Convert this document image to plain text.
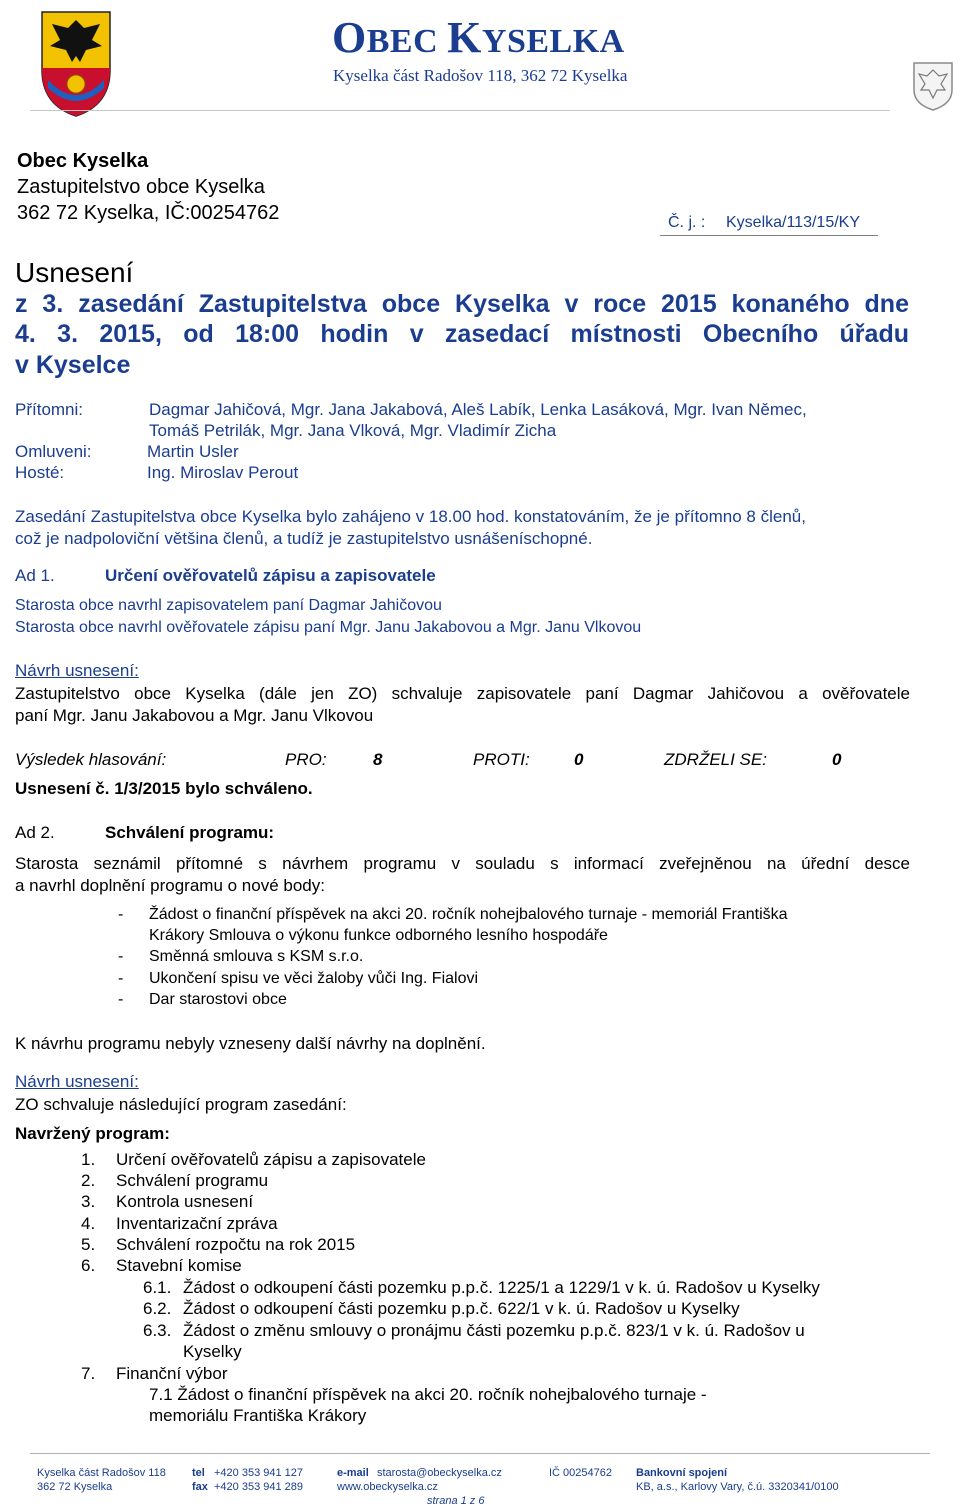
OBEC KYSELKA
Kyselka část Radošov 118, 362 72 Kyselka
Obec Kyselka
Zastupitelstvo obce Kyselka
362 72 Kyselka, IČ:00254762	Č. j. : Kyselka/113/15/KY
Usnesení
z 3. zasedání Zastupitelstva obce Kyselka v roce 2015 konaného dne
4. 3. 2015, od 18:00 hodin v zasedací místnosti Obecního úřadu
v Kyselce
Přítomni:	Dagmar Jahičová, Mgr. Jana Jakabová, Aleš Labík, Lenka Lasáková, Mgr. Ivan Němec,
Tomáš Petrilák, Mgr. Jana Vlková, Mgr. Vladimír Zicha
Omluveni:	Martin Usler
Hosté:	Ing. Miroslav Perout
Zasedání Zastupitelstva obce Kyselka bylo zahájeno v 18.00 hod. konstatováním, že je přítomno 8 členů,
což je nadpoloviční většina členů, a tudíž je zastupitelstvo usnášeníschopné.
Ad 1.	Určení ověřovatelů zápisu a zapisovatele
Starosta obce navrhl zapisovatelem paní Dagmar Jahičovou
Starosta obce navrhl ověřovatele zápisu paní Mgr. Janu Jakabovou a Mgr. Janu Vlkovou
Návrh usnesení:
Zastupitelstvo obce Kyselka (dále jen ZO) schvaluje zapisovatele paní Dagmar Jahičovou a ověřovatele
paní Mgr. Janu Jakabovou a Mgr. Janu Vlkovou
Výsledek hlasování:	PRO:	8	PROTI:	0	ZDRŽELI SE:	0
Usnesení č. 1/3/2015 bylo schváleno.
Ad 2.	Schválení programu:
Starosta seznámil přítomné s návrhem programu v souladu s informací zveřejněnou na úřední desce
a navrhl doplnění programu o nové body:
- Žádost o finanční příspěvek na akci 20. ročník nohejbalového turnaje - memoriál Františka
Krákory Smlouva o výkonu funkce odborného lesního hospodáře
- Směnná smlouva s KSM s.r.o.
- Ukončení spisu ve věci žaloby vůči Ing. Fialovi
- Dar starostovi obce
K návrhu programu nebyly vzneseny další návrhy na doplnění.
Návrh usnesení:
ZO schvaluje následující program zasedání:
Navržený program:
1. Určení ověřovatelů zápisu a zapisovatele
2. Schválení programu
3. Kontrola usnesení
4. Inventarizační zpráva
5. Schválení rozpočtu na rok 2015
6. Stavební komise
6.1. Žádost o odkoupení části pozemku p.p.č. 1225/1 a 1229/1 v k. ú. Radošov u Kyselky
6.2. Žádost o odkoupení části pozemku p.p.č. 622/1 v k. ú. Radošov u Kyselky
6.3. Žádost o změnu smlouvy o pronájmu části pozemku p.p.č. 823/1 v k. ú. Radošov u
Kyselky
7. Finanční výbor
7.1 Žádost o finanční příspěvek na akci 20. ročník nohejbalového turnaje -
memoriálu Františka Krákory
Kyselka část Radošov 118
362 72 Kyselka
tel +420 353 941 127
fax +420 353 941 289
e-mail starosta@obeckyselka.cz
www.obeckyselka.cz
IČ 00254762 Bankovní spojení
KB, a.s., Karlovy Vary, č.ú. 3320341/0100
strana 1 z 6
